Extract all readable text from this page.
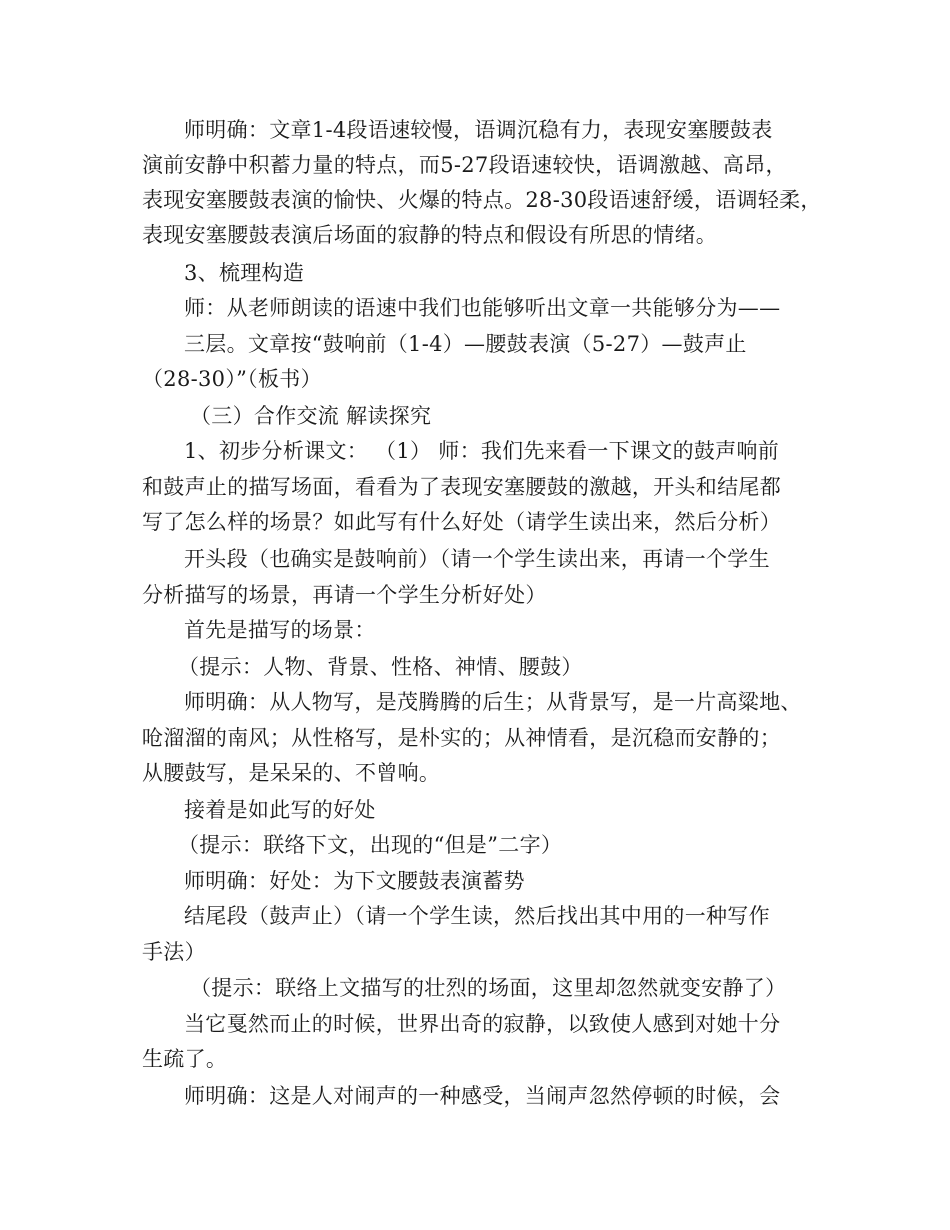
师明确：文章1-4段语速较慢，语调沉稳有力，表现安塞腰鼓表
演前安静中积蓄力量的特点，而5-27段语速较快，语调激越、高昂，
表现安塞腰鼓表演的愉快、火爆的特点。28-30段语速舒缓，语调轻柔，
表现安塞腰鼓表演后场面的寂静的特点和假设有所思的情绪。
3、梳理构造
师：从老师朗读的语速中我们也能够听出文章一共能够分为——
三层。文章按“鼓响前（1-4）—腰鼓表演（5-27）—鼓声止
（28-30）”（板书）
（三）合作交流 解读探究
1、初步分析课文： （1） 师：我们先来看一下课文的鼓声响前
和鼓声止的描写场面，看看为了表现安塞腰鼓的激越，开头和结尾都
写了怎么样的场景？如此写有什么好处（请学生读出来，然后分析）
开头段（也确实是鼓响前）（请一个学生读出来，再请一个学生
分析描写的场景，再请一个学生分析好处）
首先是描写的场景：
（提示：人物、背景、性格、神情、腰鼓）
师明确：从人物写，是茂腾腾的后生；从背景写，是一片高粱地、
呛溜溜的南风；从性格写，是朴实的；从神情看，是沉稳而安静的；
从腰鼓写，是呆呆的、不曾响。
接着是如此写的好处
（提示：联络下文，出现的“但是”二字）
师明确：好处：为下文腰鼓表演蓄势
结尾段（鼓声止）（请一个学生读，然后找出其中用的一种写作
手法）
（提示：联络上文描写的壮烈的场面，这里却忽然就变安静了）
当它戛然而止的时候，世界出奇的寂静，以致使人感到对她十分
生疏了。
师明确：这是人对闹声的一种感受，当闹声忽然停顿的时候，会
